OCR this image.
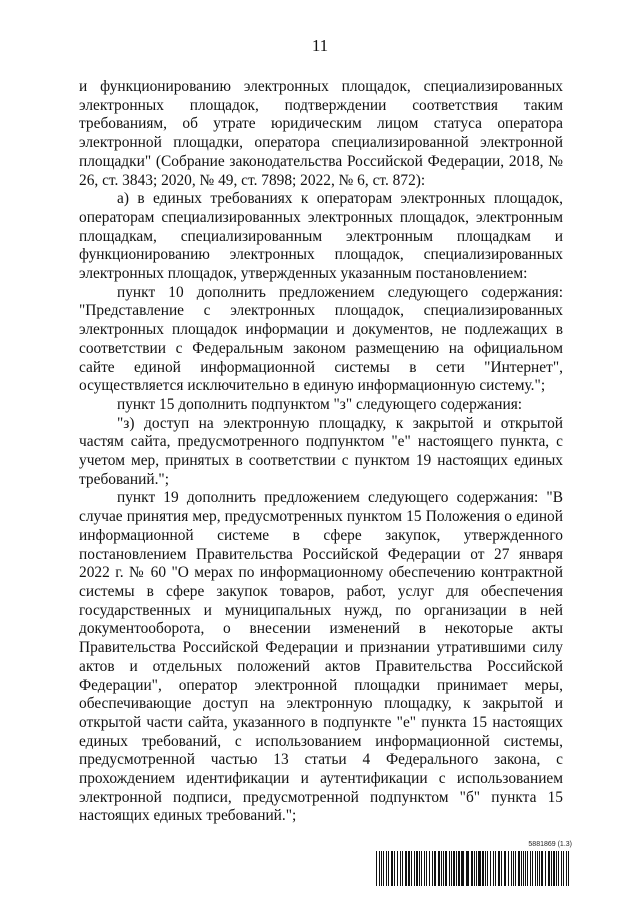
11

и функционированию электронных площадок, специализированных электронных площадок, подтверждении соответствия таким требованиям, об утрате юридическим лицом статуса оператора электронной площадки, оператора специализированной электронной площадки" (Собрание законодательства Российской Федерации, 2018, № 26, ст. 3843; 2020, № 49, ст. 7898; 2022, № 6, ст. 872):

а) в единых требованиях к операторам электронных площадок, операторам специализированных электронных площадок, электронным площадкам, специализированным электронным площадкам и функционированию электронных площадок, специализированных электронных площадок, утвержденных указанным постановлением:

пункт 10 дополнить предложением следующего содержания: "Представление с электронных площадок, специализированных электронных площадок информации и документов, не подлежащих в соответствии с Федеральным законом размещению на официальном сайте единой информационной системы в сети "Интернет", осуществляется исключительно в единую информационную систему.";

пункт 15 дополнить подпунктом "з" следующего содержания:

"з) доступ на электронную площадку, к закрытой и открытой частям сайта, предусмотренного подпунктом "е" настоящего пункта, с учетом мер, принятых в соответствии с пунктом 19 настоящих единых требований.";

пункт 19 дополнить предложением следующего содержания: "В случае принятия мер, предусмотренных пунктом 15 Положения о единой информационной системе в сфере закупок, утвержденного постановлением Правительства Российской Федерации от 27 января 2022 г. № 60 "О мерах по информационному обеспечению контрактной системы в сфере закупок товаров, работ, услуг для обеспечения государственных и муниципальных нужд, по организации в ней документооборота, о внесении изменений в некоторые акты Правительства Российской Федерации и признании утратившими силу актов и отдельных положений актов Правительства Российской Федерации", оператор электронной площадки принимает меры, обеспечивающие доступ на электронную площадку, к закрытой и открытой части сайта, указанного в подпункте "е" пункта 15 настоящих единых требований, с использованием информационной системы, предусмотренной частью 13 статьи 4 Федерального закона, с прохождением идентификации и аутентификации с использованием электронной подписи, предусмотренной подпунктом "б" пункта 15 настоящих единых требований.";

5881869 (1.3)
